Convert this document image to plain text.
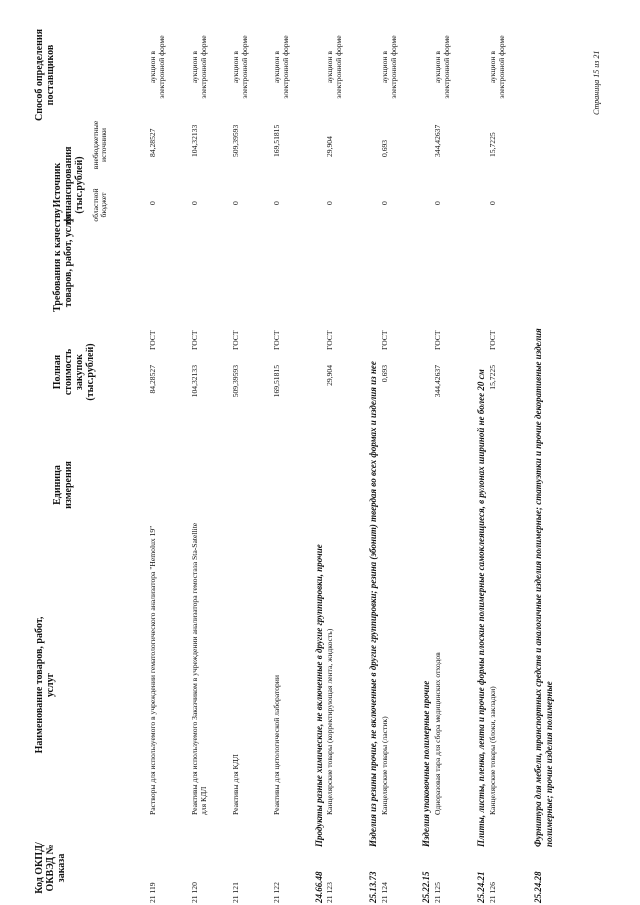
Код ОКПД/ ОКВЭД № заказа
Наименование товаров, работ, услуг
Единица измерения
Полная стоимость закупок (тыс.рублей)
Требования к качеству товаров, работ, услуг
Источник финансирования (тыс.рублей) областной бюджет
внебюджетные источники
Способ определения поставщиков
21 119
Растворы для используемого в учреждении гематологического анализатора "Hemolux 19"
84,28527
ГОСТ
0
84,28527
аукцион в электронной форме
21 120
Реактивы для используемого Заказчиком в учреждении анализатора гемостаза Sta-Satellite для КДЛ
104,32133
ГОСТ
0
104,32133
аукцион в электронной форме
21 121
Реактивы для КДЛ
509,39593
ГОСТ
0
509,39593
аукцион в электронной форме
21 122
Реактивы для цитологической лаборатории
169,51815
ГОСТ
0
169,51815
аукцион в электронной форме
24.66.48
Продукты разные химические, не включенные в другие группировки, прочие
21 123
Канцелярские товары (корректирующая лента, жидкость)
29,904
ГОСТ
0
29,904
аукцион в электронной форме
25.13.73
Изделия из резины прочие, не включенные в другие группировки; резина (эбонит) твердая во всех формах и изделия из нее
21 124
Канцелярские товары (ластик)
0,693
ГОСТ
0
0,693
аукцион в электронной форме
25.22.15
Изделия упаковочные полимерные прочие
21 125
Одноразовая тара для сбора медицинских отходов
344,42637
ГОСТ
0
344,42637
аукцион в электронной форме
25.24.21
Плиты, листы, пленка, лента и прочие формы плоские полимерные самоклеящиеся, в рулонах шириной не более 20 см
21 126
Канцелярские товары (блоки, закладки)
15,7225
ГОСТ
0
15,7225
аукцион в электронной форме
25.24.28
Фурнитура для мебели, транспортных средств и аналогичные изделия полимерные; статуэтки и прочие декоративные изделия полимерные; прочие изделия полимерные
Страница 15 из 21
